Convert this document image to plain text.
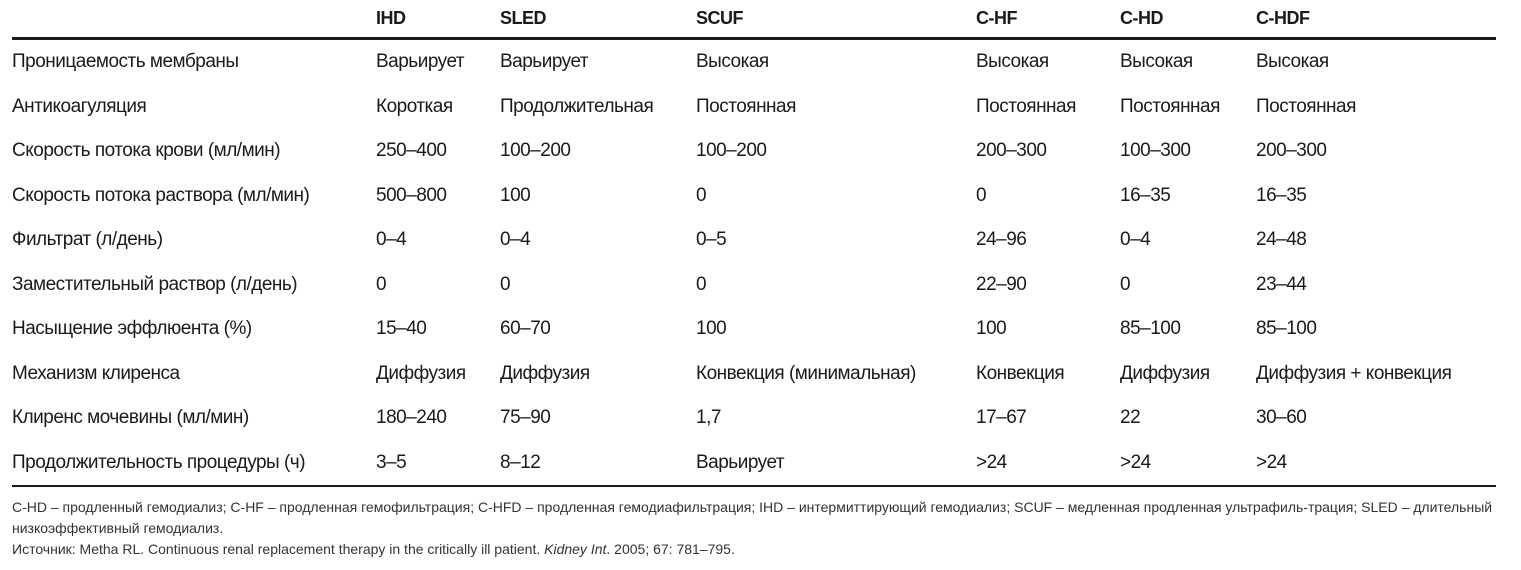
	IHD	SLED	SCUF	C-HF	C-HD	C-HDF
Проницаемость мембраны	Варьирует	Варьирует	Высокая	Высокая	Высокая	Высокая
Антикоагуляция	Короткая	Продолжительная	Постоянная	Постоянная	Постоянная	Постоянная
Скорость потока крови (мл/мин)	250–400	100–200	100–200	200–300	100–300	200–300
Скорость потока раствора (мл/мин)	500–800	100	0	0	16–35	16–35
Фильтрат (л/день)	0–4	0–4	0–5	24–96	0–4	24–48
Заместительный раствор (л/день)	0	0	0	22–90	0	23–44
Насыщение эффлюента (%)	15–40	60–70	100	100	85–100	85–100
Механизм клиренса	Диффузия	Диффузия	Конвекция (минимальная)	Конвекция	Диффузия	Диффузия + конвекция
Клиренс мочевины (мл/мин)	180–240	75–90	1,7	17–67	22	30–60
Продолжительность процедуры (ч)	3–5	8–12	Варьирует	>24	>24	>24

C-HD – продленный гемодиализ; C-HF – продленная гемофильтрация; C-HFD – продленная гемодиафильтрация; IHD – интермиттирующий гемодиализ; SCUF – медленная продленная ультрафиль-трация; SLED – длительный низкоэффективный гемодиализ.

Источник: Metha RL. Continuous renal replacement therapy in the critically ill patient. Kidney Int. 2005; 67: 781–795.
